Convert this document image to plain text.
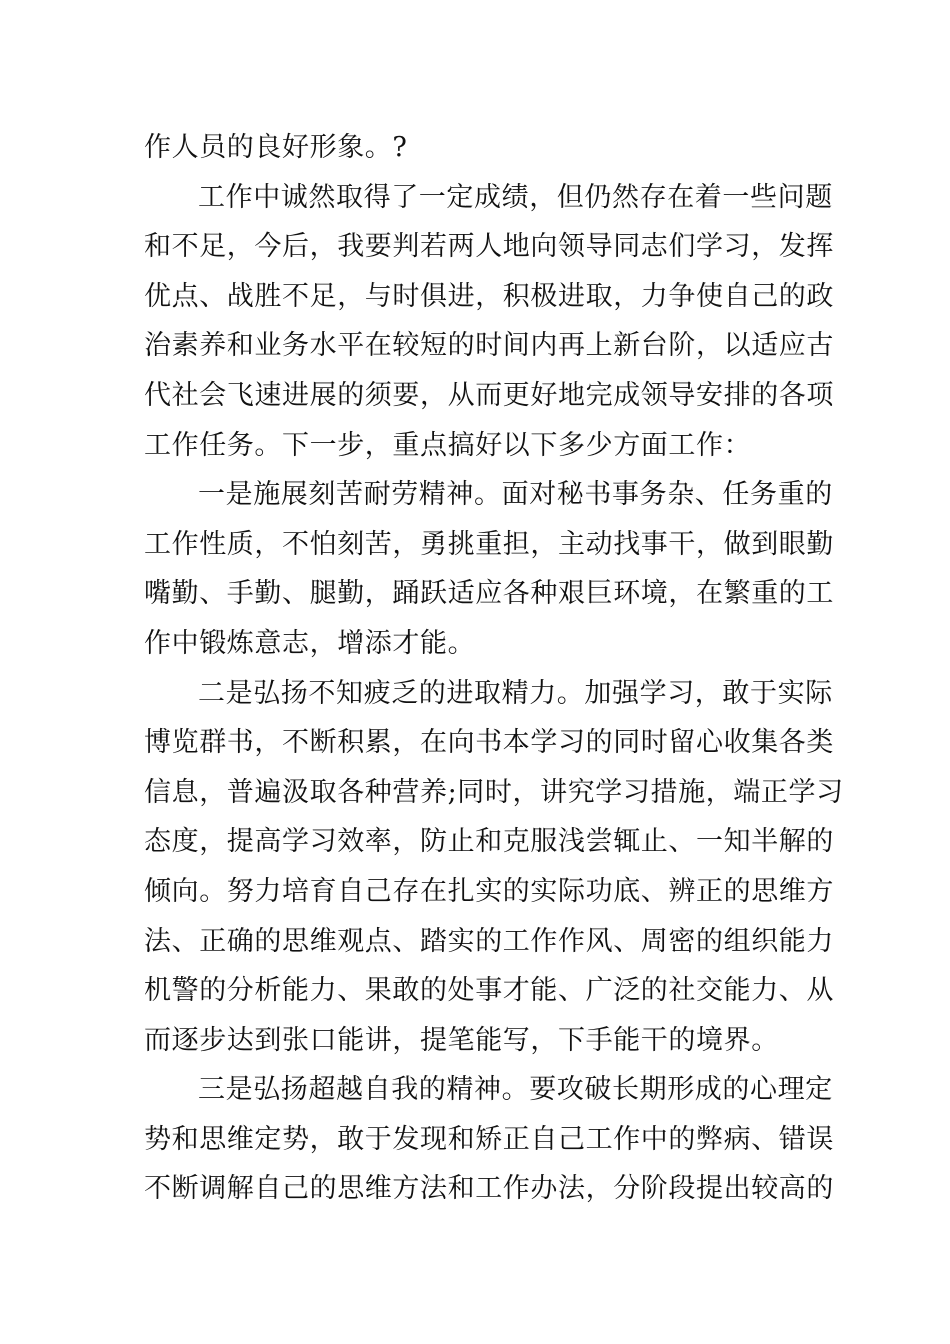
作人员的良好形象。?
工作中诚然取得了一定成绩，但仍然存在着一些问题
和不足，今后，我要判若两人地向领导同志们学习，发挥
优点、战胜不足，与时俱进，积极进取，力争使自己的政
治素养和业务水平在较短的时间内再上新台阶，以适应古
代社会飞速进展的须要，从而更好地完成领导安排的各项
工作任务。下一步，重点搞好以下多少方面工作：
一是施展刻苦耐劳精神。面对秘书事务杂、任务重的
工作性质，不怕刻苦，勇挑重担，主动找事干，做到眼勤
嘴勤、手勤、腿勤，踊跃适应各种艰巨环境，在繁重的工
作中锻炼意志，增添才能。
二是弘扬不知疲乏的进取精力。加强学习，敢于实际
博览群书，不断积累，在向书本学习的同时留心收集各类
信息，普遍汲取各种营养;同时，讲究学习措施，端正学习
态度，提高学习效率，防止和克服浅尝辄止、一知半解的
倾向。努力培育自己存在扎实的实际功底、辨正的思维方
法、正确的思维观点、踏实的工作作风、周密的组织能力
机警的分析能力、果敢的处事才能、广泛的社交能力、从
而逐步达到张口能讲，提笔能写，下手能干的境界。
三是弘扬超越自我的精神。要攻破长期形成的心理定
势和思维定势，敢于发现和矫正自己工作中的弊病、错误
不断调解自己的思维方法和工作办法，分阶段提出较高的
